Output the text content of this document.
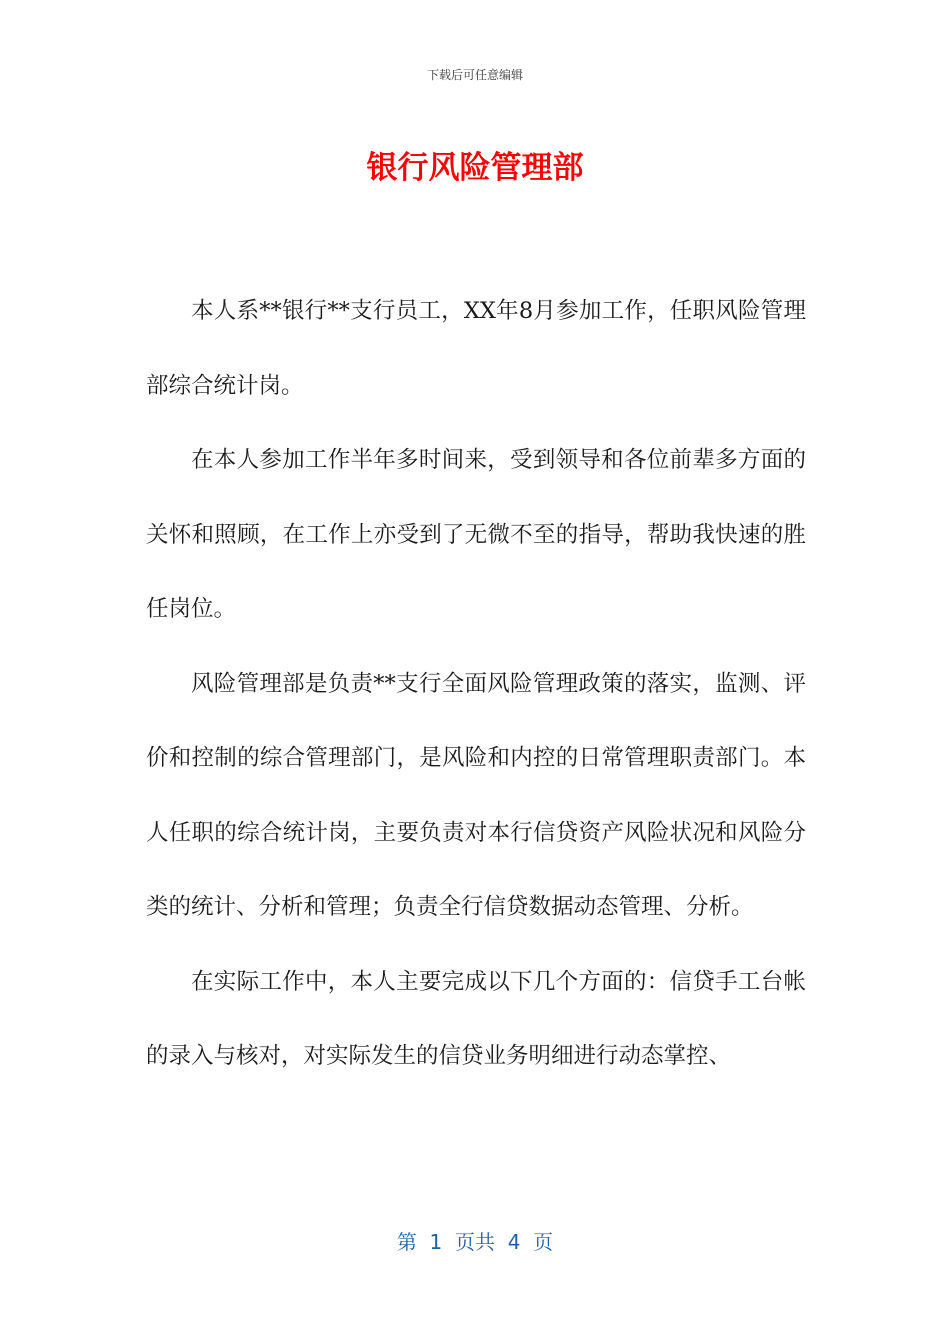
下载后可任意编辑
银行风险管理部

本人系**银行**支行员工，XX年8月参加工作，任职风险管理部综合统计岗。

在本人参加工作半年多时间来，受到领导和各位前辈多方面的关怀和照顾，在工作上亦受到了无微不至的指导，帮助我快速的胜任岗位。

风险管理部是负责**支行全面风险管理政策的落实，监测、评价和控制的综合管理部门，是风险和内控的日常管理职责部门。本人任职的综合统计岗，主要负责对本行信贷资产风险状况和风险分类的统计、分析和管理；负责全行信贷数据动态管理、分析。

在实际工作中，本人主要完成以下几个方面的：信贷手工台帐的录入与核对，对实际发生的信贷业务明细进行动态掌控、

第  1  页共  4  页
